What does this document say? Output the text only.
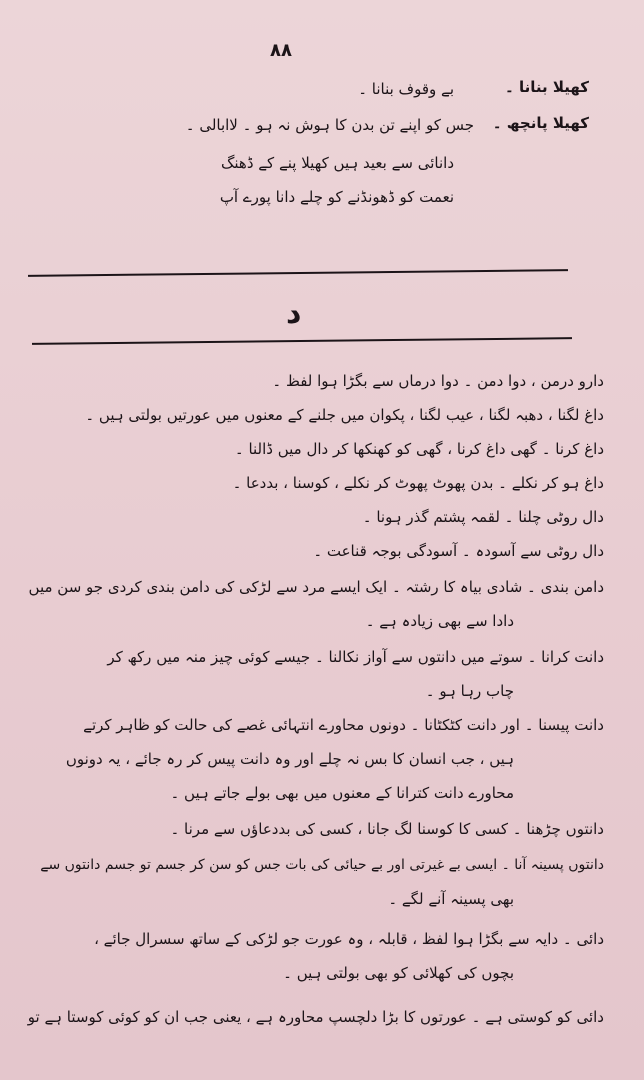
۸۸
کھیلا بنانا ۔
بے وقوف بنانا ۔
کھیلا پانچھ ۔
جس کو اپنے تن بدن کا ہوش نہ ہو ۔ لاابالی ۔
دانائی سے بعید ہیں کھیلا پنے کے ڈھنگ
نعمت کو ڈھونڈنے کو چلے دانا پورے آپ
د
دارو درمن ، دوا دمن ۔ دوا درماں سے بگڑا ہوا لفظ ۔
داغ لگنا ، دھبہ لگنا ، عیب لگنا ، پکوان میں جلنے کے معنوں میں عورتیں بولتی ہیں ۔
داغ کرنا ۔ گھی داغ کرنا ، گھی کو کھنکھا کر دال میں ڈالنا ۔
داغ ہو کر نکلے ۔ بدن پھوٹ پھوٹ کر نکلے ، کوسنا ، بددعا ۔
دال روٹی چلنا ۔ لقمہ پشتم گذر ہونا ۔
دال روٹی سے آسودہ ۔ آسودگی بوجہ قناعت ۔
دامن بندی ۔ شادی بیاہ کا رشتہ ۔ ایک ایسے مرد سے لڑکی کی دامن بندی کردی جو سن میں
دادا سے بھی زیادہ ہے ۔
دانت کرانا ۔ سوتے میں دانتوں سے آواز نکالنا ۔ جیسے کوئی چیز منہ میں رکھ کر
چاب رہا ہو ۔
دانت پیسنا ۔ اور دانت کٹکٹانا ۔ دونوں محاورے انتہائی غصے کی حالت کو ظاہر کرتے
ہیں ، جب انسان کا بس نہ چلے اور وہ دانت پیس کر رہ جائے ، یہ دونوں
محاورے دانت کترانا کے معنوں میں بھی بولے جاتے ہیں ۔
دانتوں چڑھنا ۔ کسی کا کوسنا لگ جانا ، کسی کی بددعاؤں سے مرنا ۔
دانتوں پسینہ آنا ۔ ایسی بے غیرتی اور بے حیائی کی بات جس کو سن کر جسم تو جسم دانتوں سے
بھی پسینہ آنے لگے ۔
دائی ۔ دایہ سے بگڑا ہوا لفظ ، قابلہ ، وہ عورت جو لڑکی کے ساتھ سسرال جائے ،
بچوں کی کھلائی کو بھی بولتی ہیں ۔
دائی کو کوستی ہے ۔ عورتوں کا بڑا دلچسپ محاورہ ہے ، یعنی جب ان کو کوئی کوستا ہے تو
